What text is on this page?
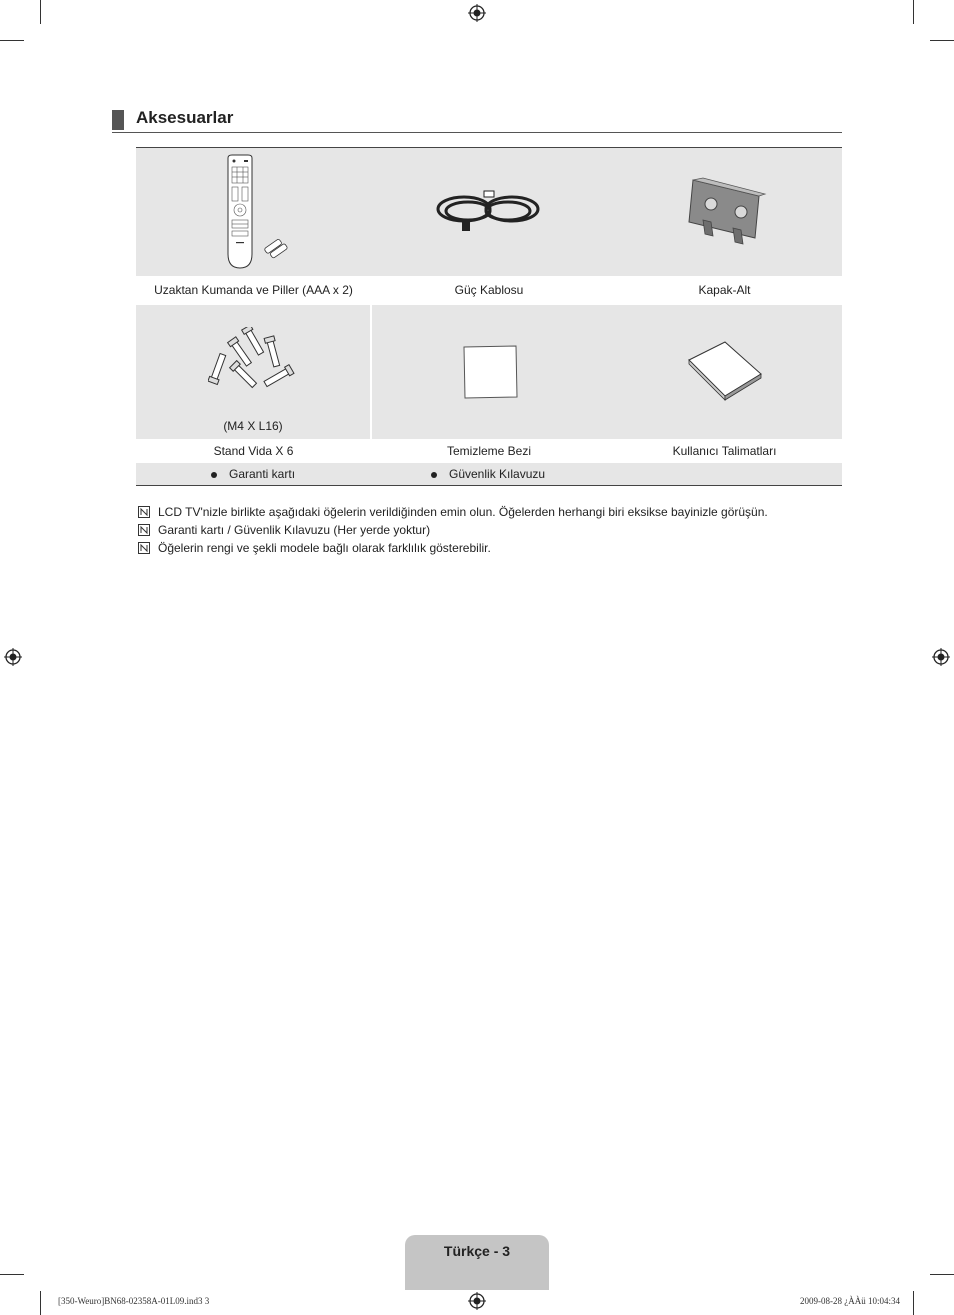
Aksesuarlar
Uzaktan Kumanda ve Piller (AAA x 2)	Güç Kablosu	Kapak-Alt
(M4 X L16)
Stand Vida X 6	Temizleme Bezi	Kullanıcı Talimatları
Garanti kartı	Güvenlik Kılavuzu
LCD TV'nizle birlikte aşağıdaki öğelerin verildiğinden emin olun. Öğelerden herhangi biri eksikse bayinizle görüşün.
Garanti kartı / Güvenlik Kılavuzu (Her yerde yoktur)
Öğelerin rengi ve şekli modele bağlı olarak farklılık gösterebilir.
Türkçe - 3
[350-Weuro]BN68-02358A-01L09.ind3 3	2009-08-28 ¿ÀÀü 10:04:34
